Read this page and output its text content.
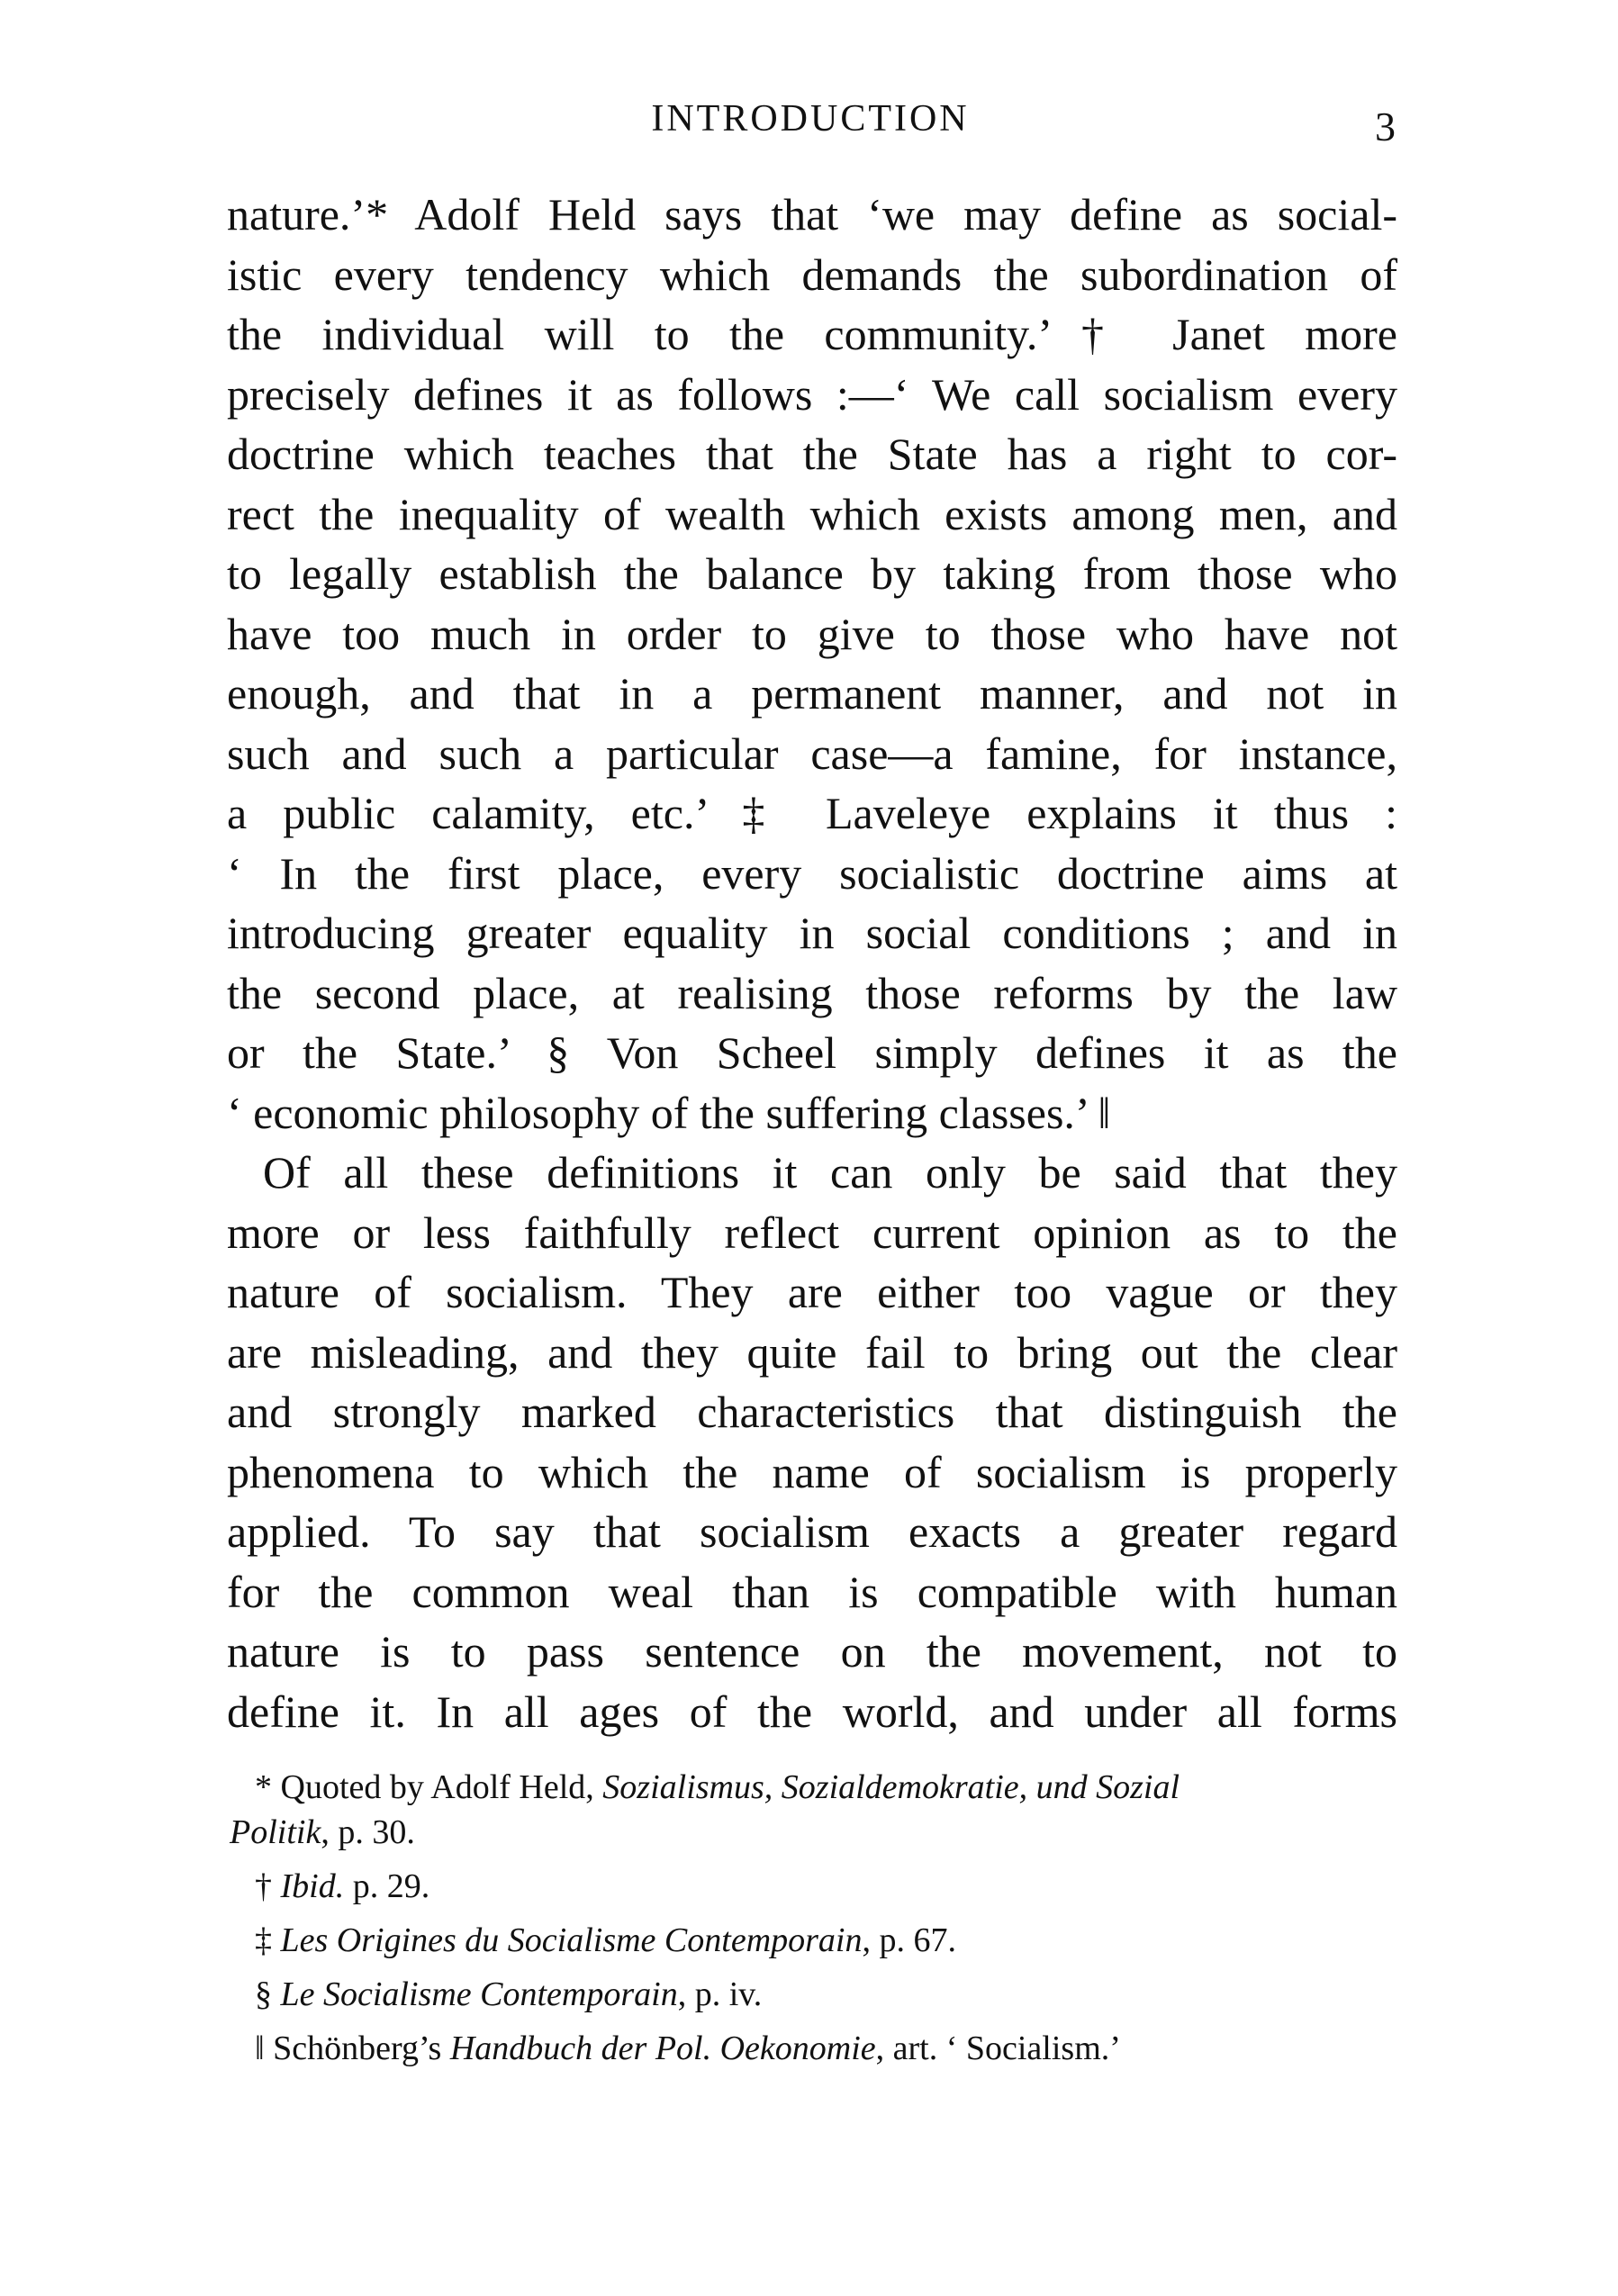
INTRODUCTION	3

nature.’* Adolf Held says that ‘we may define as social-
istic every tendency which demands the subordination of
the individual will to the community.’† Janet more
precisely defines it as follows :—‘ We call socialism every
doctrine which teaches that the State has a right to cor-
rect the inequality of wealth which exists among men, and
to legally establish the balance by taking from those who
have too much in order to give to those who have not
enough, and that in a permanent manner, and not in
such and such a particular case—a famine, for instance,
a public calamity, etc.’ ‡ Laveleye explains it thus :
‘ In the first place, every socialistic doctrine aims at
introducing greater equality in social conditions ; and in
the second place, at realising those reforms by the law
or the State.’ § Von Scheel simply defines it as the
‘ economic philosophy of the suffering classes.’ ‖

Of all these definitions it can only be said that they
more or less faithfully reflect current opinion as to the
nature of socialism. They are either too vague or they
are misleading, and they quite fail to bring out the clear
and strongly marked characteristics that distinguish the
phenomena to which the name of socialism is properly
applied. To say that socialism exacts a greater regard
for the common weal than is compatible with human
nature is to pass sentence on the movement, not to
define it. In all ages of the world, and under all forms

* Quoted by Adolf Held, Sozialismus, Sozialdemokratie, und Sozial
Politik, p. 30.
† Ibid. p. 29.
‡ Les Origines du Socialisme Contemporain, p. 67.
§ Le Socialisme Contemporain, p. iv.
‖ Schönberg’s Handbuch der Pol. Oekonomie, art. ‘ Socialism.’
